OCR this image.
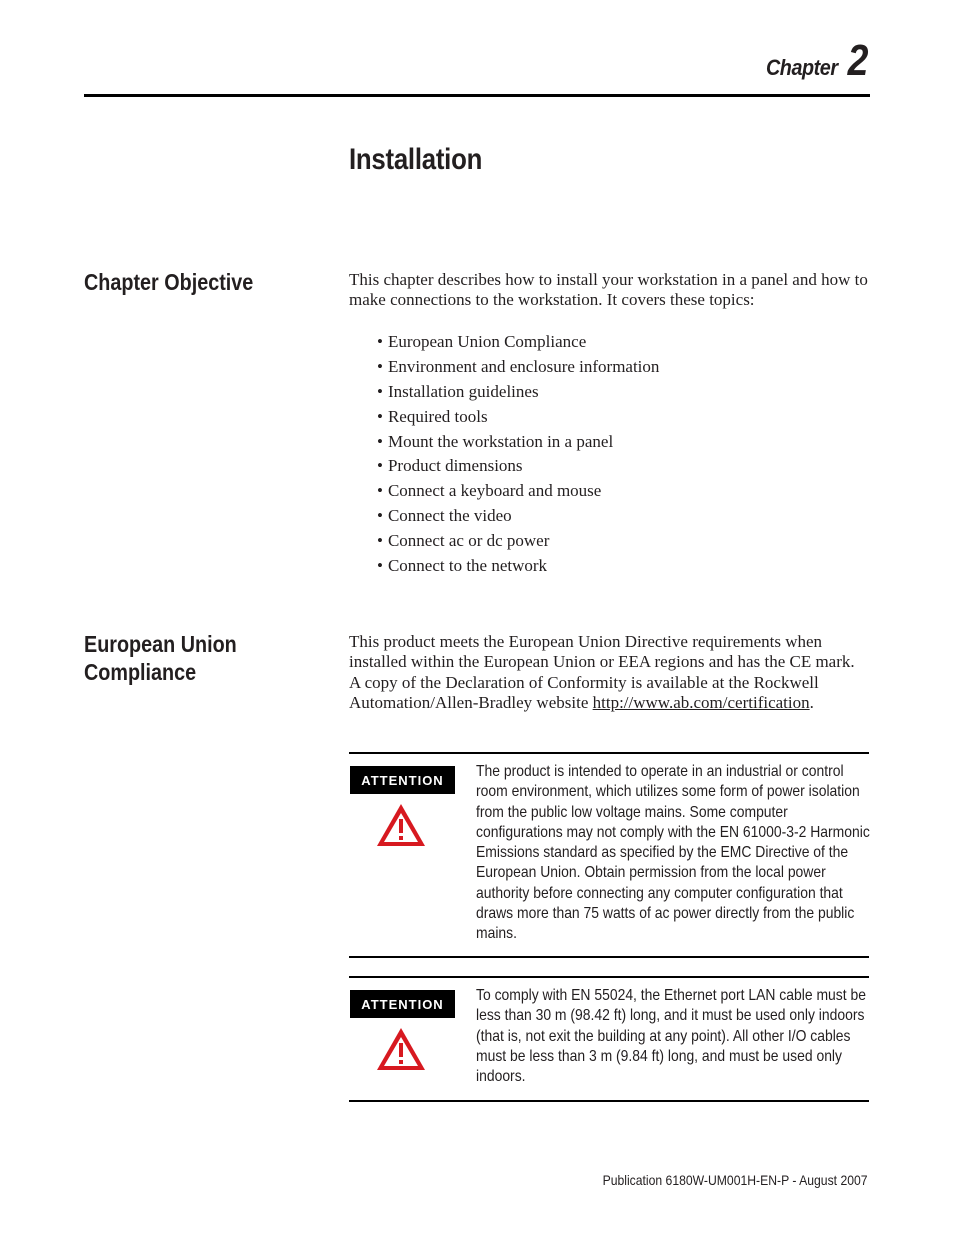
Chapter 2
Installation
Chapter Objective	This chapter describes how to install your workstation in a panel and how to make connections to the workstation. It covers these topics:
• European Union Compliance
• Environment and enclosure information
• Installation guidelines
• Required tools
• Mount the workstation in a panel
• Product dimensions
• Connect a keyboard and mouse
• Connect the video
• Connect ac or dc power
• Connect to the network
European Union Compliance
This product meets the European Union Directive requirements when installed within the European Union or EEA regions and has the CE mark. A copy of the Declaration of Conformity is available at the Rockwell Automation/Allen-Bradley website http://www.ab.com/certification.
ATTENTION	The product is intended to operate in an industrial or control room environment, which utilizes some form of power isolation from the public low voltage mains. Some computer configurations may not comply with the EN 61000-3-2 Harmonic Emissions standard as specified by the EMC Directive of the European Union. Obtain permission from the local power authority before connecting any computer configuration that draws more than 75 watts of ac power directly from the public mains.
ATTENTION	To comply with EN 55024, the Ethernet port LAN cable must be less than 30 m (98.42 ft) long, and it must be used only indoors (that is, not exit the building at any point). All other I/O cables must be less than 3 m (9.84 ft) long, and must be used only indoors.
Publication 6180W-UM001H-EN-P - August 2007
